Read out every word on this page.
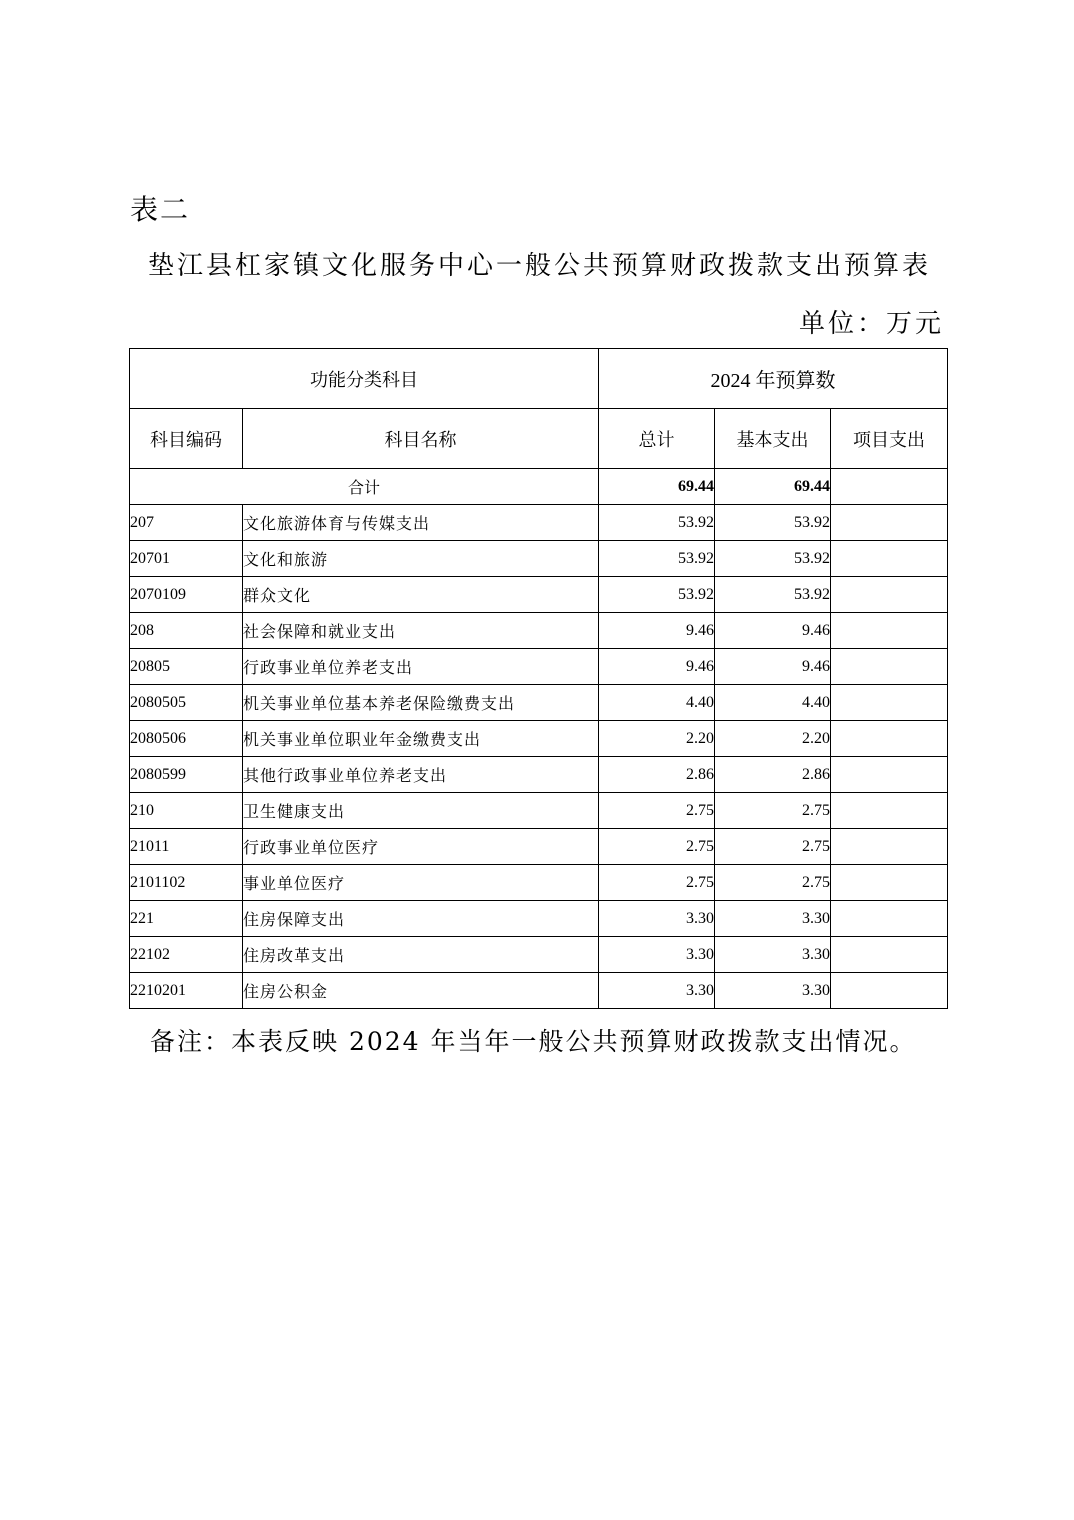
表二
垫江县杠家镇文化服务中心一般公共预算财政拨款支出预算表
单位：万元
功能分类科目		2024 年预算数		
科目编码	科目名称	总计	基本支出	项目支出
合计		69.44	69.44	
207	文化旅游体育与传媒支出	53.92	53.92	
20701	文化和旅游	53.92	53.92	
2070109	群众文化	53.92	53.92	
208	社会保障和就业支出	9.46	9.46	
20805	行政事业单位养老支出	9.46	9.46	
2080505	机关事业单位基本养老保险缴费支出	4.40	4.40	
2080506	机关事业单位职业年金缴费支出	2.20	2.20	
2080599	其他行政事业单位养老支出	2.86	2.86	
210	卫生健康支出	2.75	2.75	
21011	行政事业单位医疗	2.75	2.75	
2101102	事业单位医疗	2.75	2.75	
221	住房保障支出	3.30	3.30	
22102	住房改革支出	3.30	3.30	
2210201	住房公积金	3.30	3.30	
备注：本表反映 2024 年当年一般公共预算财政拨款支出情况。
